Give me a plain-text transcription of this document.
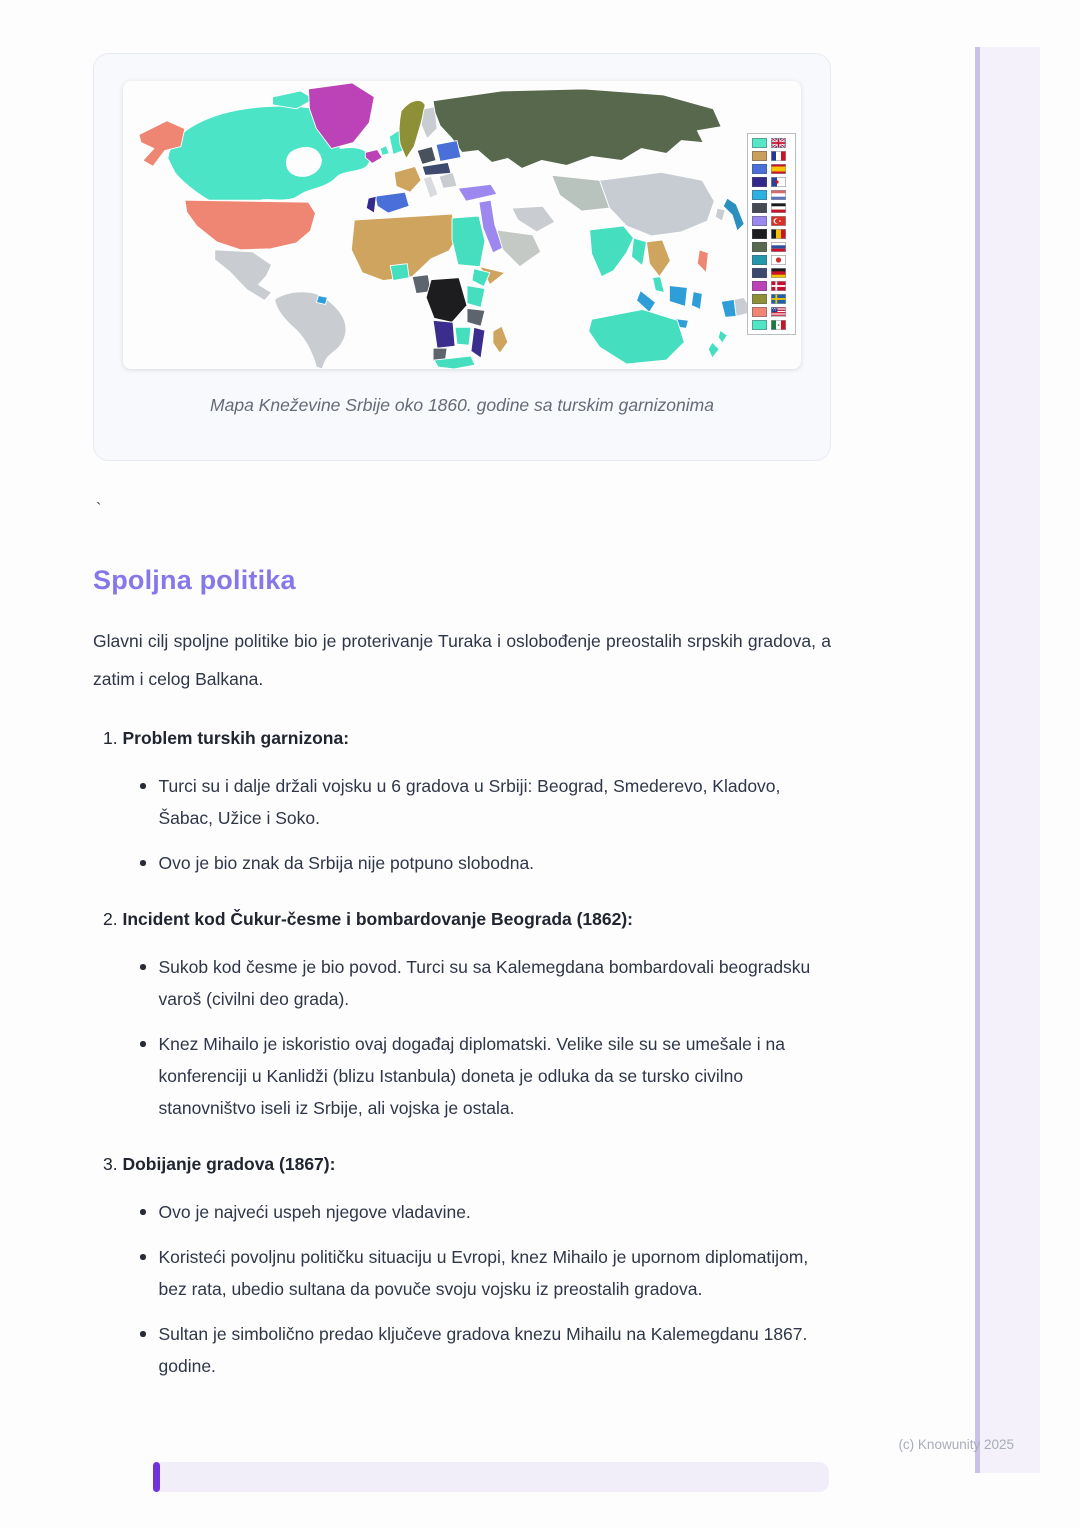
Mapa Kneževine Srbije oko 1860. godine sa turskim garnizonima
`
Spoljna politika

Glavni cilj spoljne politike bio je proterivanje Turaka i oslobođenje preostalih srpskih gradova, a zatim i celog Balkana.

1. Problem turskih garnizona:
Turci su i dalje držali vojsku u 6 gradova u Srbiji: Beograd, Smederevo, Kladovo, Šabac, Užice i Soko.
Ovo je bio znak da Srbija nije potpuno slobodna.
2. Incident kod Čukur-česme i bombardovanje Beograda (1862):
Sukob kod česme je bio povod. Turci su sa Kalemegdana bombardovali beogradsku varoš (civilni deo grada).
Knez Mihailo je iskoristio ovaj događaj diplomatski. Velike sile su se umešale i na konferenciji u Kanlidži (blizu Istanbula) doneta je odluka da se tursko civilno stanovništvo iseli iz Srbije, ali vojska je ostala.
3. Dobijanje gradova (1867):
Ovo je najveći uspeh njegove vladavine.
Koristeći povoljnu političku situaciju u Evropi, knez Mihailo je upornom diplomatijom, bez rata, ubedio sultana da povuče svoju vojsku iz preostalih gradova.
Sultan je simbolično predao ključeve gradova knezu Mihailu na Kalemegdanu 1867. godine.
(c) Knowunity 2025
